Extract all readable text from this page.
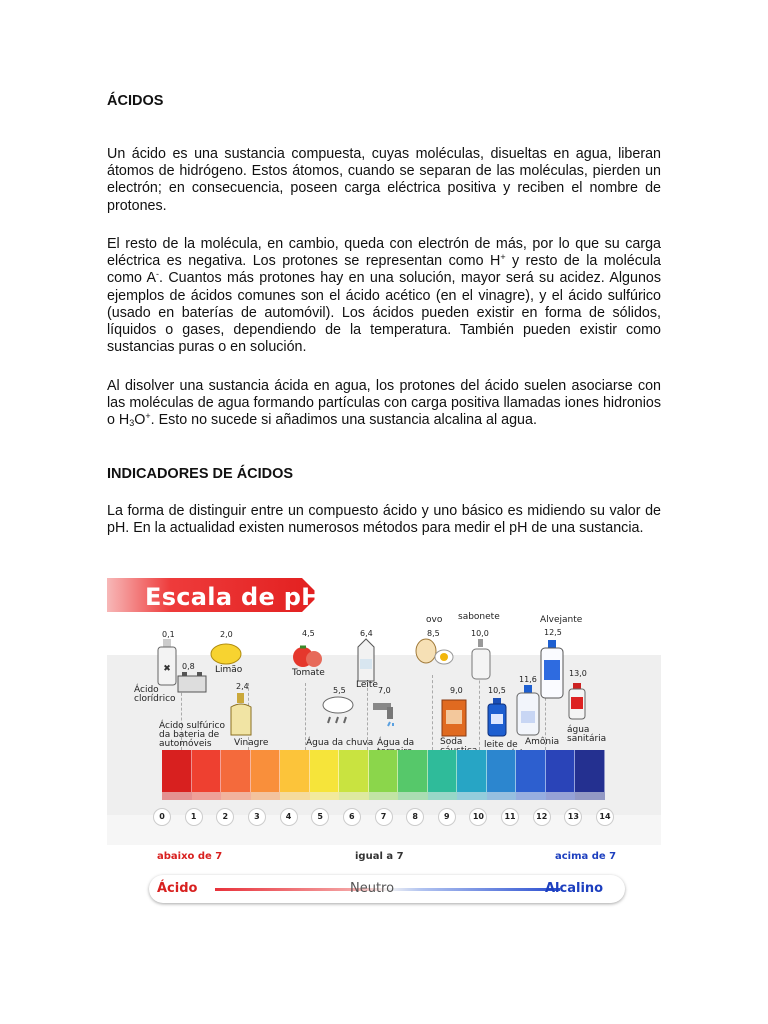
ÁCIDOS

Un ácido es una sustancia compuesta, cuyas moléculas, disueltas en agua, liberan átomos de hidrógeno. Estos átomos, cuando se separan de las moléculas, pierden un electrón; en consecuencia, poseen carga eléctrica positiva y reciben el nombre de protones.

El resto de la molécula, en cambio, queda con electrón de más, por lo que su carga eléctrica es negativa. Los protones se representan como H+ y resto de la molécula como A-. Cuantos más protones hay en una solución, mayor será su acidez. Algunos ejemplos de ácidos comunes son el ácido acético (en el vinagre), y el ácido sulfúrico (usado en baterías de automóvil). Los ácidos pueden existir en forma de sólidos, líquidos o gases, dependiendo de la temperatura. También pueden existir como sustancias puras o en solución.

Al disolver una sustancia ácida en agua, los protones del ácido suelen asociarse con las moléculas de agua formando partículas con carga positiva llamadas iones hidronios o $H_3O^+$. Esto no sucede si añadimos una sustancia alcalina al agua.

INDICADORES DE ÁCIDOS

La forma de distinguir entre un compuesto ácido y uno básico es midiendo su valor de pH. En la actualidad existen numerosos métodos para medir el pH de una sustancia.

Escala de pH
✖
0,1
0,8
2,0
2,4
4,5
5,5
6,4
7,0
8,5
9,0
10,0
10,5
11,6
12,5
13,0
Ácido clorídrico
Ácido sulfúrico da bateria de automóveis
Limão
Vinagre
Tomate
Água da chuva
Leite
Água da
ovo
Soda
sabonete
leite de Amônia
Alvejante
água sanitária
0	1	2	3	4	5	6	7	8	9	10	11	12	13	14
abaixo de 7	igual a 7	acima de 7
Ácido	Neutro	Alcalino
